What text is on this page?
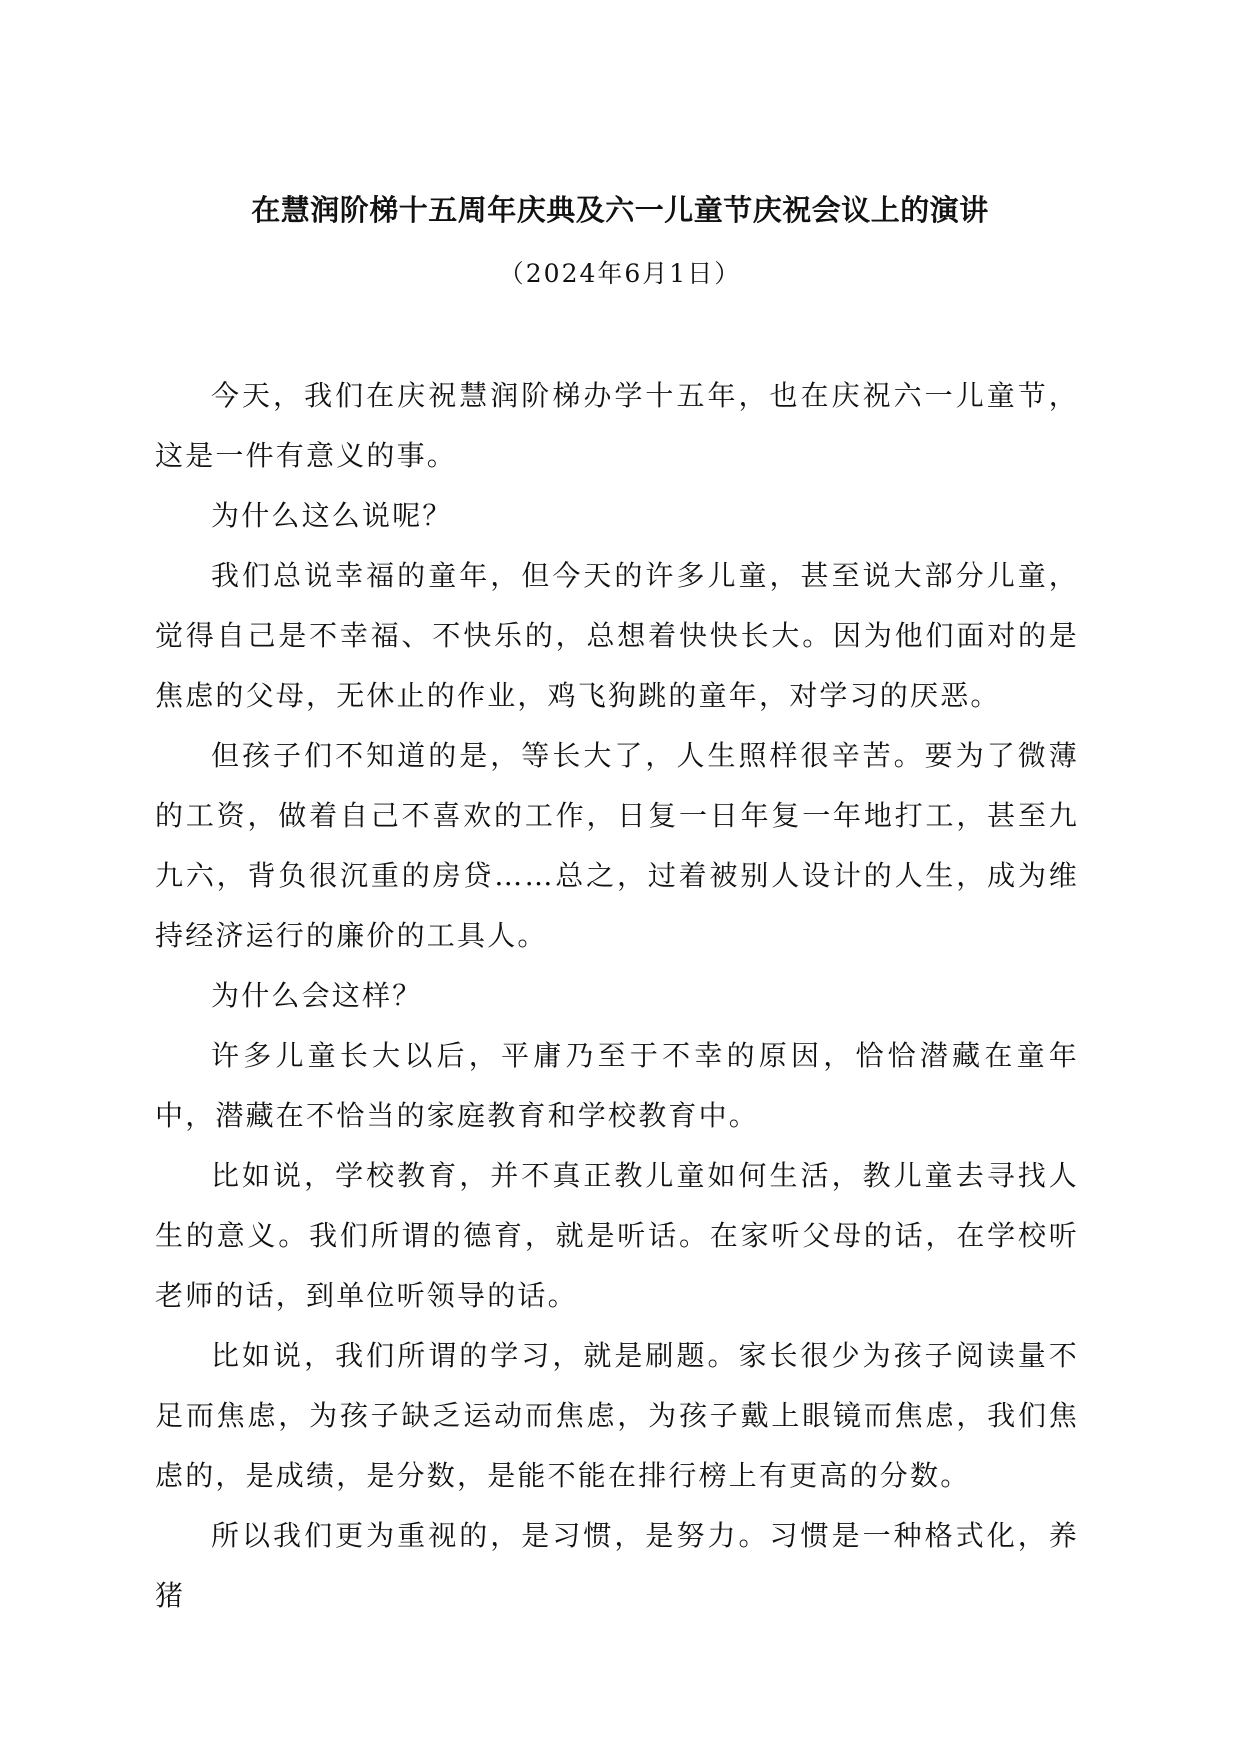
在慧润阶梯十五周年庆典及六一儿童节庆祝会议上的演讲

（2024年6月1日）

今天，我们在庆祝慧润阶梯办学十五年，也在庆祝六一儿童节，这是一件有意义的事。

为什么这么说呢？

我们总说幸福的童年，但今天的许多儿童，甚至说大部分儿童，觉得自己是不幸福、不快乐的，总想着快快长大。因为他们面对的是焦虑的父母，无休止的作业，鸡飞狗跳的童年，对学习的厌恶。

但孩子们不知道的是，等长大了，人生照样很辛苦。要为了微薄的工资，做着自己不喜欢的工作，日复一日年复一年地打工，甚至九九六，背负很沉重的房贷……总之，过着被别人设计的人生，成为维持经济运行的廉价的工具人。

为什么会这样？

许多儿童长大以后，平庸乃至于不幸的原因，恰恰潜藏在童年中，潜藏在不恰当的家庭教育和学校教育中。

比如说，学校教育，并不真正教儿童如何生活，教儿童去寻找人生的意义。我们所谓的德育，就是听话。在家听父母的话，在学校听老师的话，到单位听领导的话。

比如说，我们所谓的学习，就是刷题。家长很少为孩子阅读量不足而焦虑，为孩子缺乏运动而焦虑，为孩子戴上眼镜而焦虑，我们焦虑的，是成绩，是分数，是能不能在排行榜上有更高的分数。

所以我们更为重视的，是习惯，是努力。习惯是一种格式化，养猪
